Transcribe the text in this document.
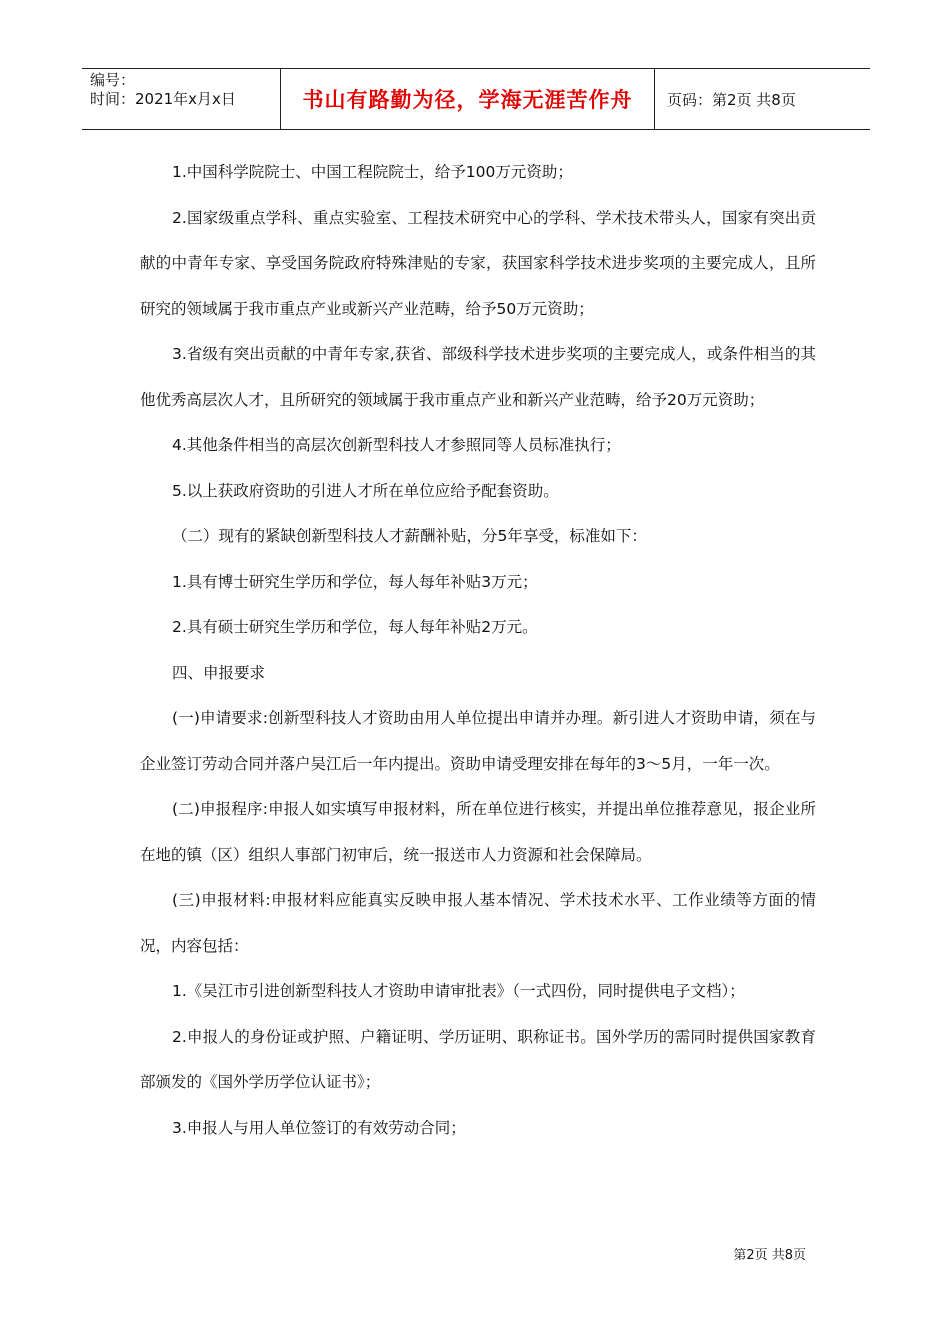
编号：
时间：2021年x月x日	书山有路勤为径，学海无涯苦作舟	页码：第2页 共8页

1.中国科学院院士、中国工程院院士，给予100万元资助；

2.国家级重点学科、重点实验室、工程技术研究中心的学科、学术技术带头人，国家有突出贡献的中青年专家、享受国务院政府特殊津贴的专家，获国家科学技术进步奖项的主要完成人，且所研究的领域属于我市重点产业或新兴产业范畴，给予50万元资助；

3.省级有突出贡献的中青年专家,获省、部级科学技术进步奖项的主要完成人，或条件相当的其他优秀高层次人才，且所研究的领域属于我市重点产业和新兴产业范畴，给予20万元资助；

4.其他条件相当的高层次创新型科技人才参照同等人员标准执行；

5.以上获政府资助的引进人才所在单位应给予配套资助。

（二）现有的紧缺创新型科技人才薪酬补贴，分5年享受，标准如下：

1.具有博士研究生学历和学位，每人每年补贴3万元；

2.具有硕士研究生学历和学位，每人每年补贴2万元。

四、申报要求

(一)申请要求:创新型科技人才资助由用人单位提出申请并办理。新引进人才资助申请，须在与企业签订劳动合同并落户吴江后一年内提出。资助申请受理安排在每年的3～5月，一年一次。

(二)申报程序:申报人如实填写申报材料，所在单位进行核实，并提出单位推荐意见，报企业所在地的镇（区）组织人事部门初审后，统一报送市人力资源和社会保障局。

(三)申报材料:申报材料应能真实反映申报人基本情况、学术技术水平、工作业绩等方面的情况，内容包括：

1.《吴江市引进创新型科技人才资助申请审批表》（一式四份，同时提供电子文档）；

2.申报人的身份证或护照、户籍证明、学历证明、职称证书。国外学历的需同时提供国家教育部颁发的《国外学历学位认证书》；

3.申报人与用人单位签订的有效劳动合同；

第2页 共8页
